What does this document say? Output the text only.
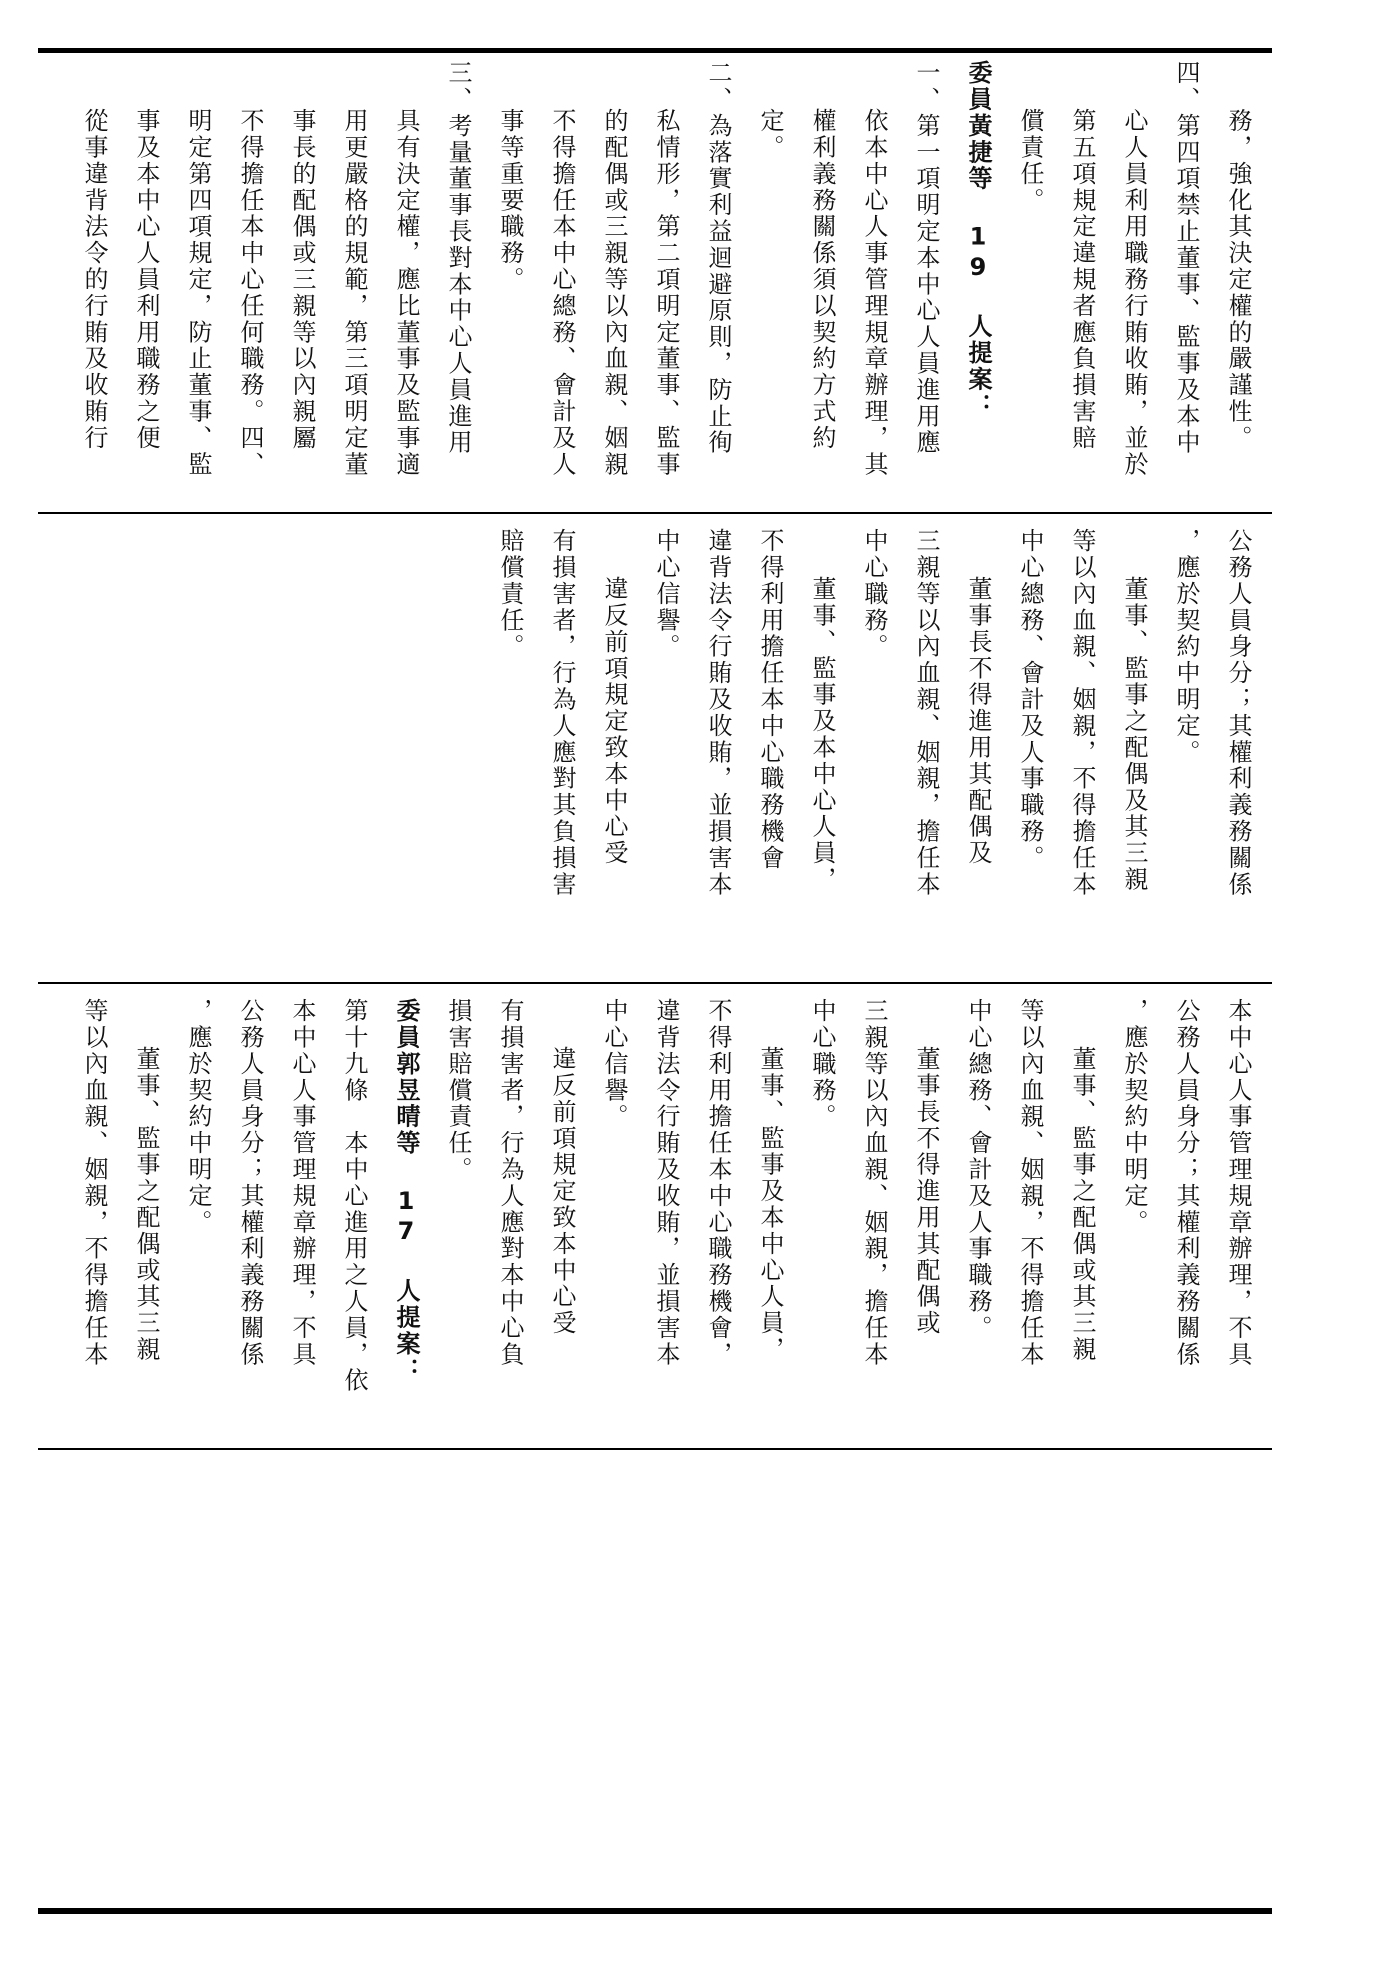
務，強化其決定權的嚴謹性。
四、第四項禁止董事、監事及本中
心人員利用職務行賄收賄，並於
第五項規定違規者應負損害賠
償責任。
委員黃捷等 19 人提案：
一、第一項明定本中心人員進用應
依本中心人事管理規章辦理，其
權利義務關係須以契約方式約
定。
二、為落實利益迴避原則，防止徇
私情形，第二項明定董事、監事
的配偶或三親等以內血親、姻親
不得擔任本中心總務、會計及人
事等重要職務。
三、考量董事長對本中心人員進用
具有決定權，應比董事及監事適
用更嚴格的規範，第三項明定董
事長的配偶或三親等以內親屬
不得擔任本中心任何職務。四、
明定第四項規定，防止董事、監
事及本中心人員利用職務之便
從事違背法令的行賄及收賄行
公務人員身分；其權利義務關係
，應於契約中明定。
董事、監事之配偶及其三親
等以內血親、姻親，不得擔任本
中心總務、會計及人事職務。
董事長不得進用其配偶及
三親等以內血親、姻親，擔任本
中心職務。
董事、監事及本中心人員，
不得利用擔任本中心職務機會
違背法令行賄及收賄，並損害本
中心信譽。
違反前項規定致本中心受
有損害者，行為人應對其負損害
賠償責任。
本中心人事管理規章辦理，不具
公務人員身分；其權利義務關係
，應於契約中明定。
董事、監事之配偶或其三親
等以內血親、姻親，不得擔任本
中心總務、會計及人事職務。
董事長不得進用其配偶或
三親等以內血親、姻親，擔任本
中心職務。
董事、監事及本中心人員，
不得利用擔任本中心職務機會，
違背法令行賄及收賄，並損害本
中心信譽。
違反前項規定致本中心受
有損害者，行為人應對本中心負
損害賠償責任。
委員郭昱晴等 17 人提案：
第十九條　本中心進用之人員，依
本中心人事管理規章辦理，不具
公務人員身分；其權利義務關係
，應於契約中明定。
董事、監事之配偶或其三親
等以內血親、姻親，不得擔任本
